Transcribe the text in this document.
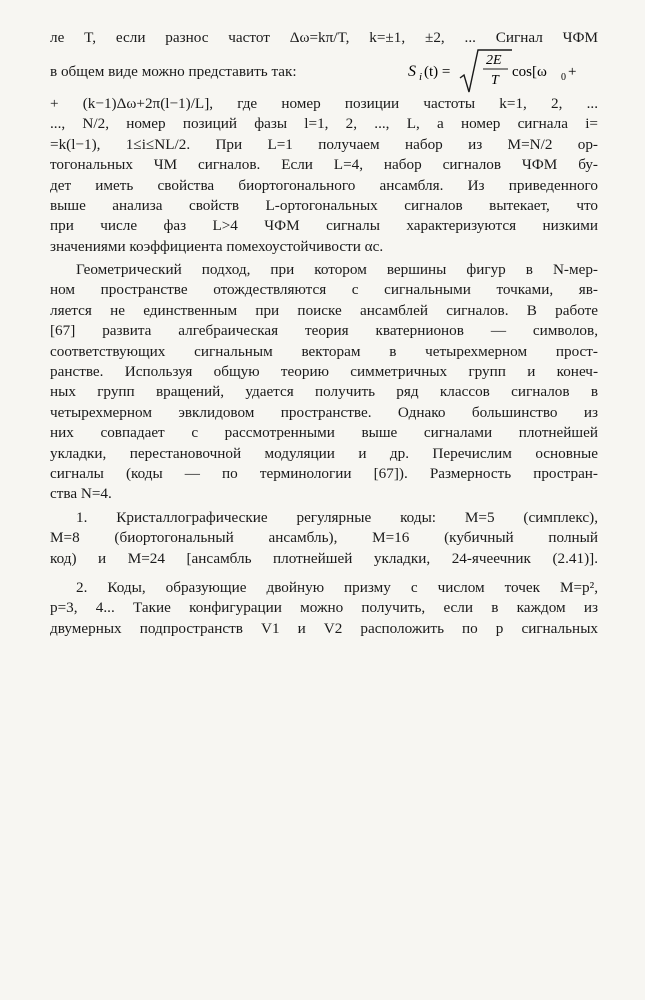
ле T, если разнос частот Δω=kπ/T, k=±1, ±2, ... Сигнал ЧФМ
в общем виде можно представить так:	S i (t) =
2E
T
cos[ω 0 +
+ (k−1)Δω+2π(l−1)/L], где номер позиции частоты k=1, 2, ...
..., N/2, номер позиций фазы l=1, 2, ..., L, а номер сигнала i=
=k(l−1), 1≤i≤NL/2. При L=1 получаем набор из M=N/2 ор-
тогональных ЧМ сигналов. Если L=4, набор сигналов ЧФМ бу-
дет иметь свойства биортогонального ансамбля. Из приведенного
выше анализа свойств L-ортогональных сигналов вытекает, что
при числе фаз L>4 ЧФМ сигналы характеризуются низкими
значениями коэффициента помехоустойчивости αc.
Геометрический подход, при котором вершины фигур в N-мер-
ном пространстве отождествляются с сигнальными точками, яв-
ляется не единственным при поиске ансамблей сигналов. В работе
[67] развита алгебраическая теория кватернионов — символов,
соответствующих сигнальным векторам в четырехмерном прост-
ранстве. Используя общую теорию симметричных групп и конеч-
ных групп вращений, удается получить ряд классов сигналов в
четырехмерном эвклидовом пространстве. Однако большинство из
них совпадает с рассмотренными выше сигналами плотнейшей
укладки, перестановочной модуляции и др. Перечислим основные
сигналы (коды — по терминологии [67]). Размерность простран-
ства N=4.
1. Кристаллографические регулярные коды: M=5 (симплекс),
M=8 (биортогональный ансамбль), M=16 (кубичный полный
код) и M=24 [ансамбль плотнейшей укладки, 24-ячеечник (2.41)].
2. Коды, образующие двойную призму с числом точек M=p²,
p=3, 4... Такие конфигурации можно получить, если в каждом из
двумерных подпространств V1 и V2 расположить по p сигнальных
